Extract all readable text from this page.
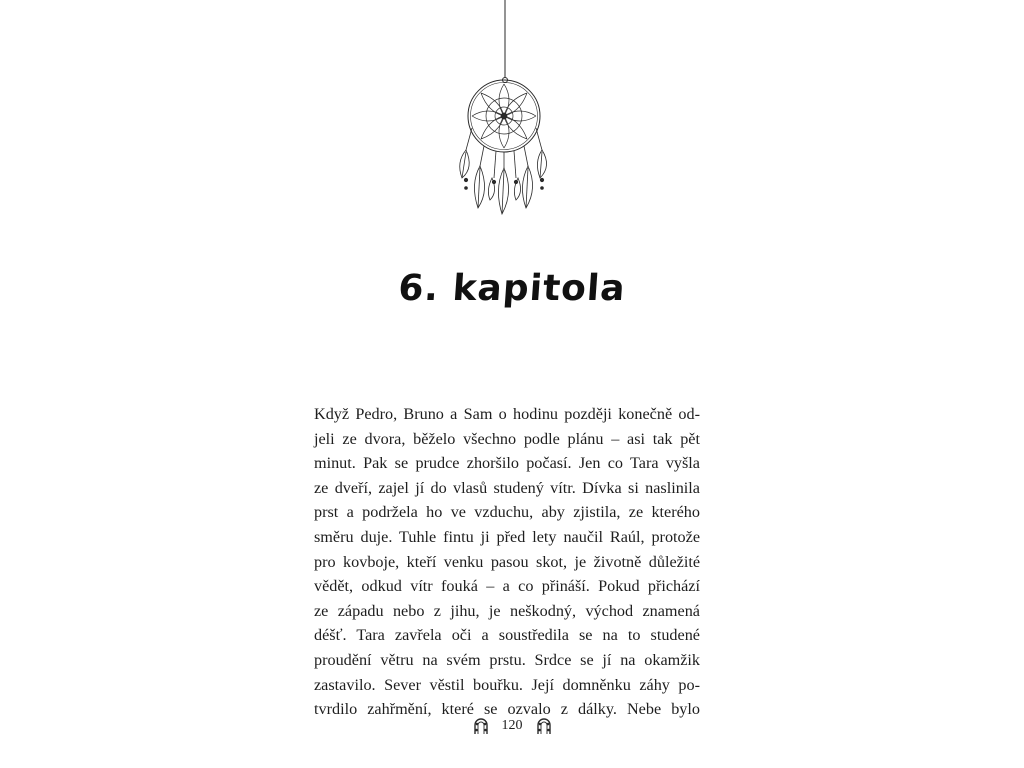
6. kapitola
Když Pedro, Bruno a Sam o hodinu později konečně od-
jeli ze dvora, běželo všechno podle plánu – asi tak pět
minut. Pak se prudce zhoršilo počasí. Jen co Tara vyšla
ze dveří, zajel jí do vlasů studený vítr. Dívka si naslinila
prst a podržela ho ve vzduchu, aby zjistila, ze kterého
směru duje. Tuhle fintu ji před lety naučil Raúl, protože
pro kovboje, kteří venku pasou skot, je životně důležité
vědět, odkud vítr fouká – a co přináší. Pokud přichází
ze západu nebo z jihu, je neškodný, východ znamená
déšť. Tara zavřela oči a soustředila se na to studené
proudění větru na svém prstu. Srdce se jí na okamžik
zastavilo. Sever věstil bouřku. Její domněnku záhy po-
tvrdilo zahřmění, které se ozvalo z dálky. Nebe bylo
120
